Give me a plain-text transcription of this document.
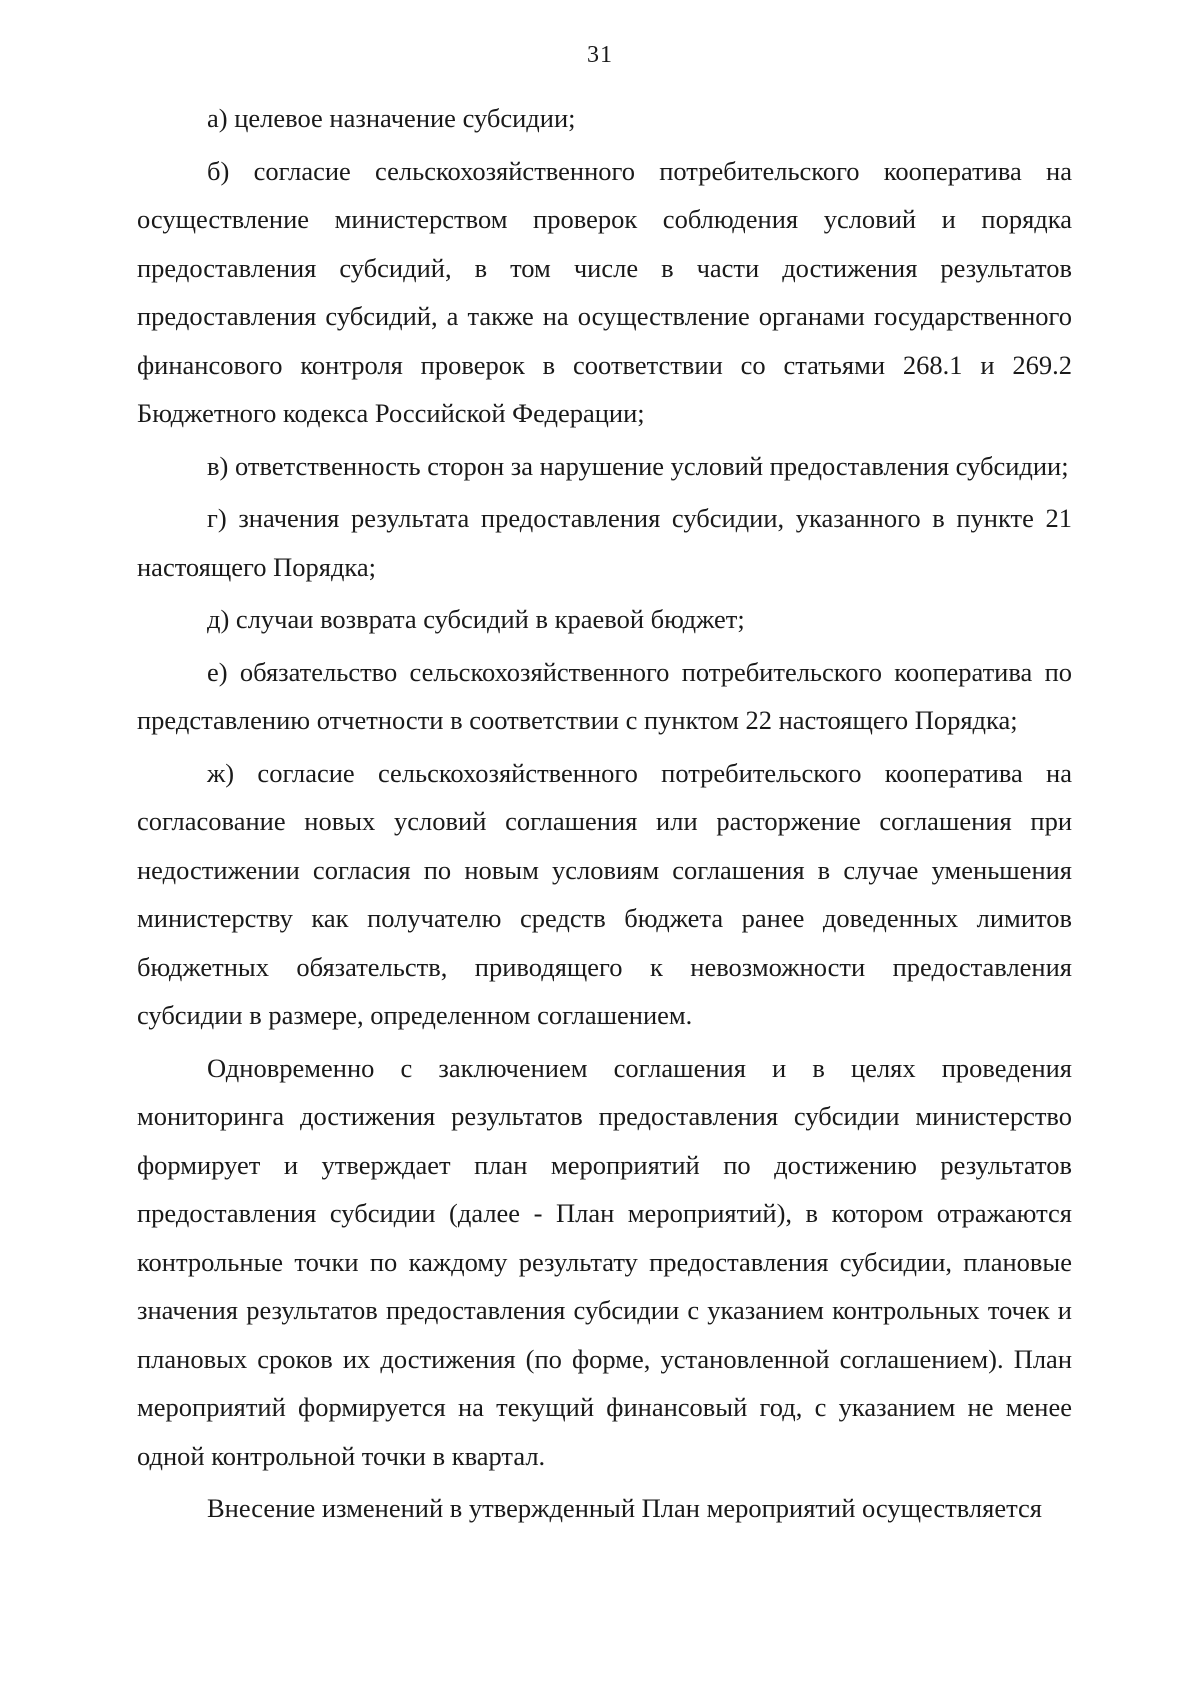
31

а) целевое назначение субсидии;

б) согласие сельскохозяйственного потребительского кооператива на осуществление министерством проверок соблюдения условий и порядка предоставления субсидий, в том числе в части достижения результатов предоставления субсидий, а также на осуществление органами государственного финансового контроля проверок в соответствии со статьями 268.1 и 269.2 Бюджетного кодекса Российской Федерации;

в) ответственность сторон за нарушение условий предоставления субсидии;

г) значения результата предоставления субсидии, указанного в пункте 21 настоящего Порядка;

д) случаи возврата субсидий в краевой бюджет;

е) обязательство сельскохозяйственного потребительского кооператива по представлению отчетности в соответствии с пунктом 22 настоящего Порядка;

ж) согласие сельскохозяйственного потребительского кооператива на согласование новых условий соглашения или расторжение соглашения при недостижении согласия по новым условиям соглашения в случае уменьшения министерству как получателю средств бюджета ранее доведенных лимитов бюджетных обязательств, приводящего к невозможности предоставления субсидии в размере, определенном соглашением.

Одновременно с заключением соглашения и в целях проведения мониторинга достижения результатов предоставления субсидии министерство формирует и утверждает план мероприятий по достижению результатов предоставления субсидии (далее - План мероприятий), в котором отражаются контрольные точки по каждому результату предоставления субсидии, плановые значения результатов предоставления субсидии с указанием контрольных точек и плановых сроков их достижения (по форме, установленной соглашением). План мероприятий формируется на текущий финансовый год, с указанием не менее одной контрольной точки в квартал.

Внесение изменений в утвержденный План мероприятий осуществляется
